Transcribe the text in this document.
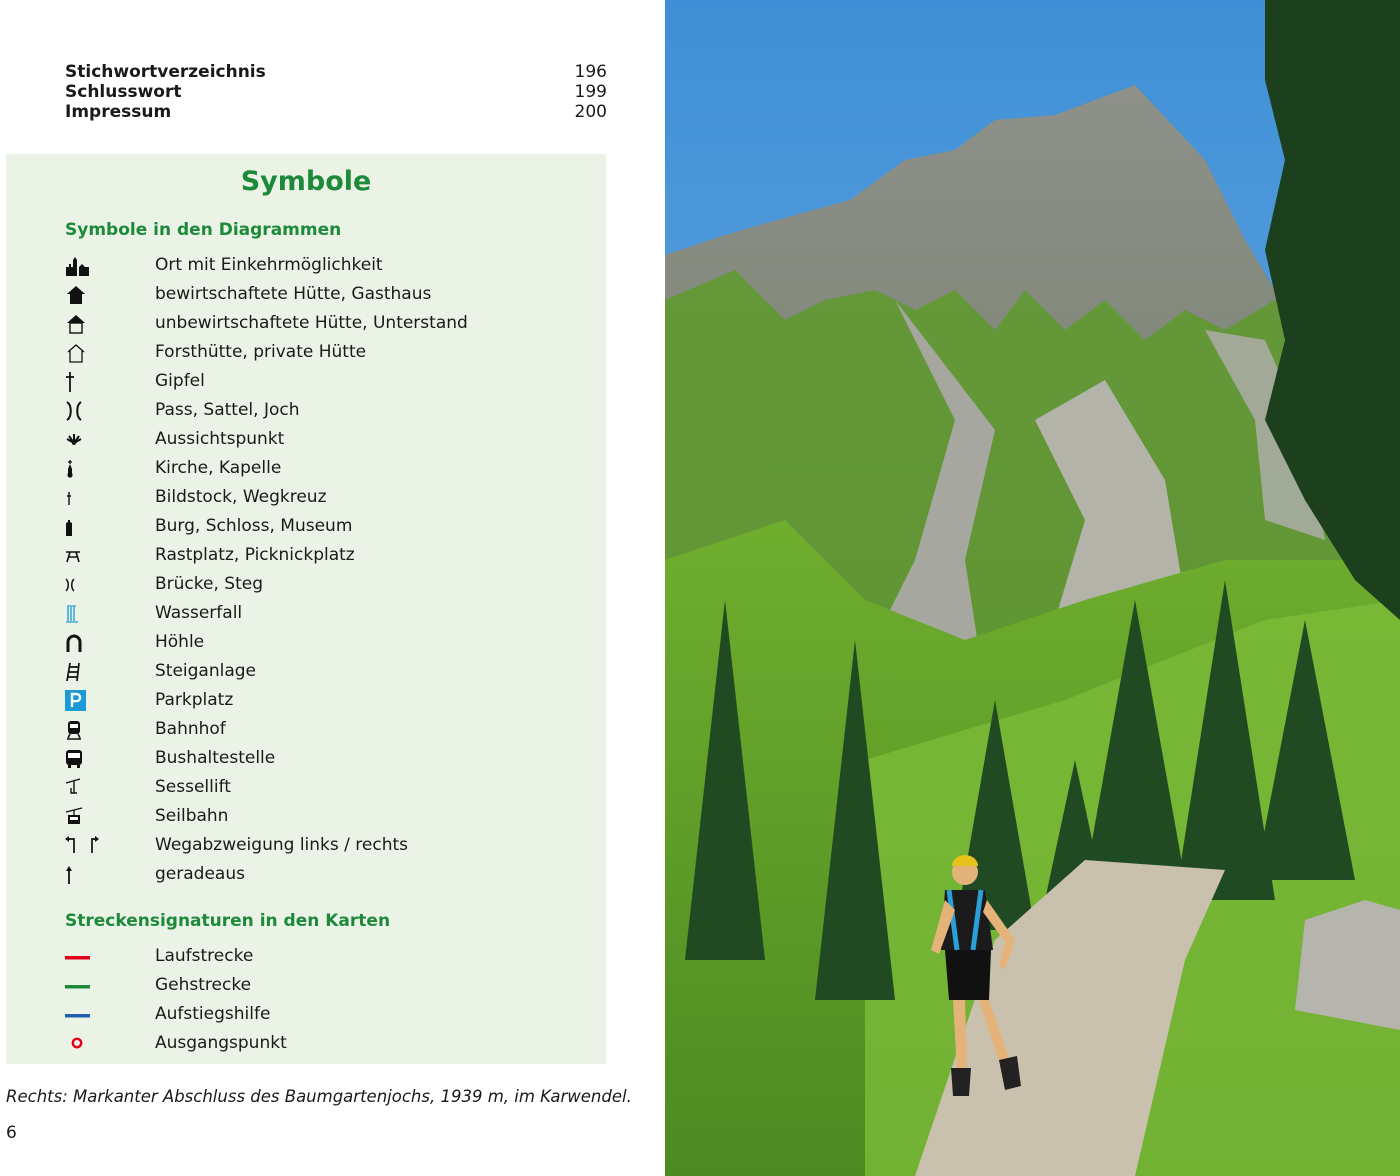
Stichwortverzeichnis	196
Schlusswort	199
Impressum	200
Symbole
Symbole in den Diagrammen
Ort mit Einkehrmöglichkeit
bewirtschaftete Hütte, Gasthaus
unbewirtschaftete Hütte, Unterstand
Forsthütte, private Hütte
Gipfel
Pass, Sattel, Joch
Aussichtspunkt
Kirche, Kapelle
Bildstock, Wegkreuz
Burg, Schloss, Museum
Rastplatz, Picknickplatz
Brücke, Steg
Wasserfall
Höhle
Steiganlage
Parkplatz
Bahnhof
Bushaltestelle
Sessellift
Seilbahn
Wegabzweigung links / rechts
geradeaus
Streckensignaturen in den Karten
Laufstrecke
Gehstrecke
Aufstiegshilfe
Ausgangspunkt
Rechts: Markanter Abschluss des Baumgartenjochs, 1939 m, im Karwendel.
6
